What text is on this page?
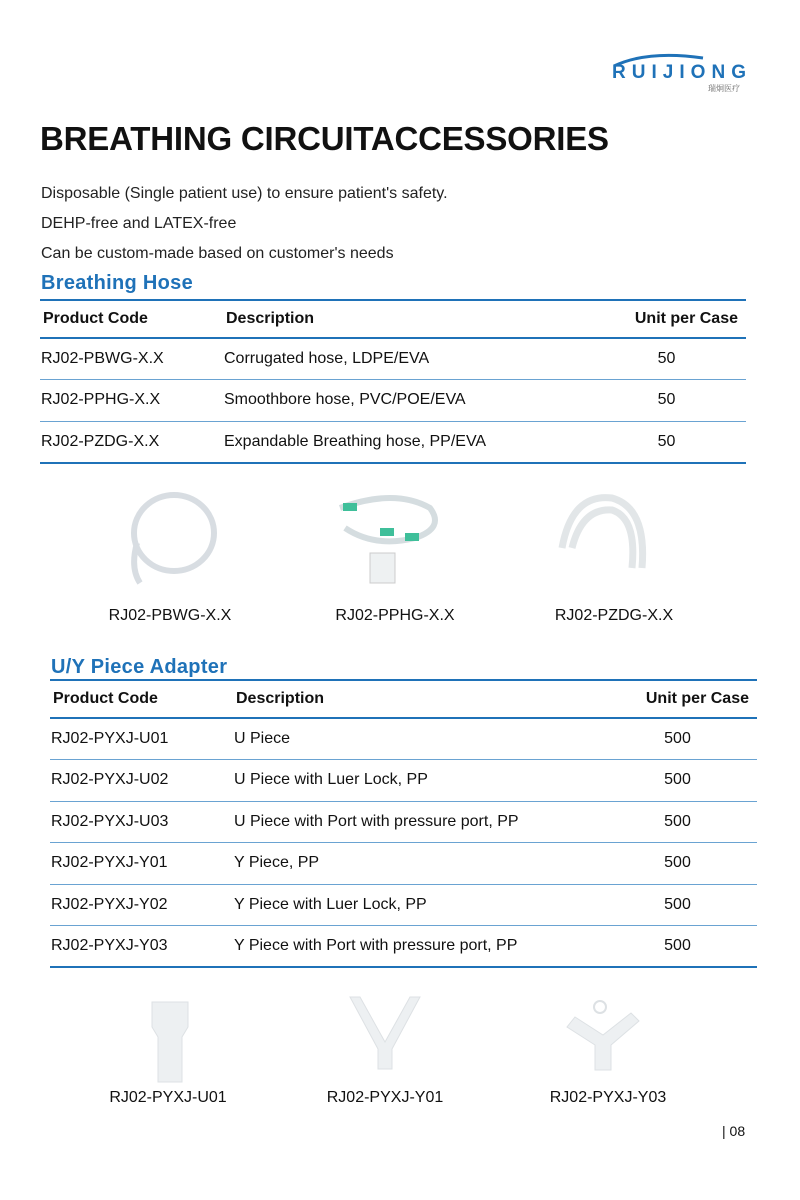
RUIJIONG
瑞炯医疗
BREATHING CIRCUITACCESSORIES
Disposable (Single patient use) to ensure patient's safety.
DEHP-free and LATEX-free
Can be custom-made based on customer's needs
Breathing Hose
Product Code	Description	Unit per Case
RJ02-PBWG-X.X	Corrugated hose, LDPE/EVA	50
RJ02-PPHG-X.X	Smoothbore hose, PVC/POE/EVA	50
RJ02-PZDG-X.X	Expandable Breathing hose, PP/EVA	50
RJ02-PBWG-X.X	RJ02-PPHG-X.X	RJ02-PZDG-X.X
U/Y Piece Adapter
Product Code	Description	Unit per Case
RJ02-PYXJ-U01	U Piece	500
RJ02-PYXJ-U02	U Piece with Luer Lock, PP	500
RJ02-PYXJ-U03	U Piece with Port with pressure port, PP	500
RJ02-PYXJ-Y01	Y Piece, PP	500
RJ02-PYXJ-Y02	Y Piece with Luer Lock, PP	500
RJ02-PYXJ-Y03	Y Piece with Port with pressure port, PP	500
RJ02-PYXJ-U01	RJ02-PYXJ-Y01	RJ02-PYXJ-Y03
| 08
